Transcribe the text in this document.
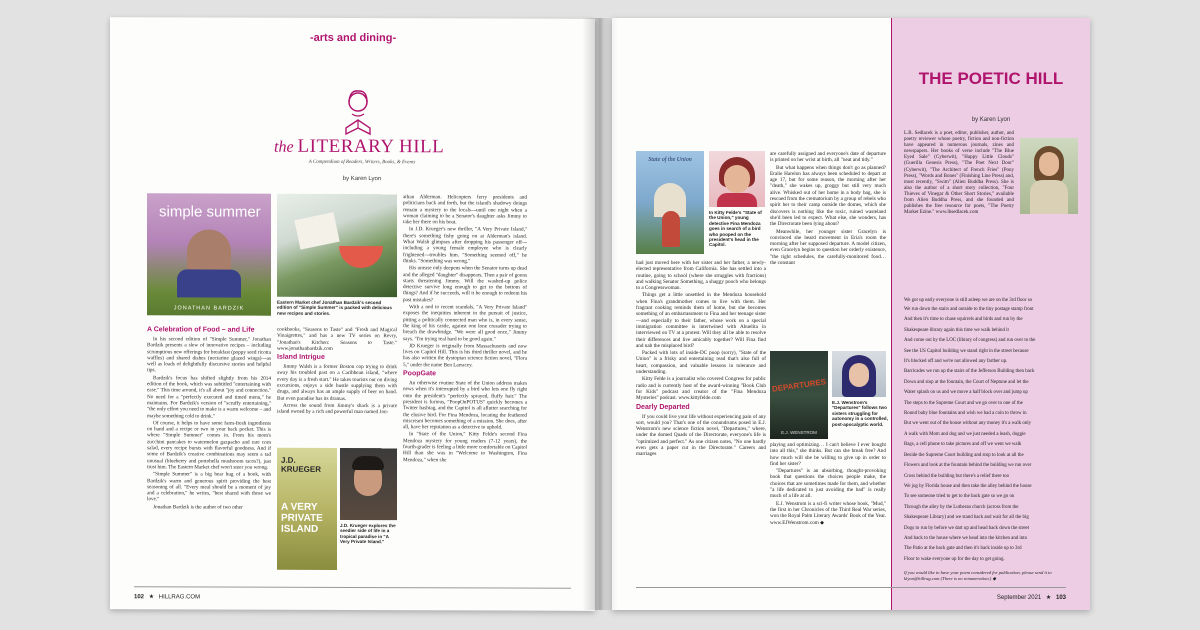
-arts and dining-
the LITERARY HILL
A Compendium of Readers, Writers, Books, & Events
by Karen Lyon
simple summer
JONATHAN BARDZIK
Eastern Market chef Jonathan Bardzik's second edition of "Simple Summer" is packed with delicious new recipes and stories.
A Celebration of Food – and Life
In his second edition of "Simple Summer," Jonathan Bardzik presents a slew of innovative recipes – including scrumptious new offerings for breakfast (poppy seed ricotta waffles) and shared dishes (nectarine glazed wings)—as well as loads of delightfully discursive stories and helpful tips.
Bardzik's focus has shifted slightly from his 2014 edition of the book, which was subtitled "entertaining with ease." This time around, it's all about "joy and connection." No need for a "perfectly executed and timed menu," he maintains. For Bardzik's version of "scruffy entertaining," "the only effort you need to make is a warm welcome – and maybe something cold to drink."
Of course, it helps to have some farm-fresh ingredients on hand and a recipe or two in your back pocket. This is where "Simple Summer" comes in. From his mom's zucchini pancakes to watermelon gazpacho and rare corn salad, every recipe bursts with flavorful goodness. And if some of Bardzik's creative combinations may seem a tad unusual (blueberry and portobella mushroom tacos?), just trust him. The Eastern Market chef won't steer you wrong.
"Simple Summer" is a big bear hug of a book, with Bardzik's warm and generous spirit providing the best seasoning of all. "Every meal should be a moment of joy and a celebration," he writes, "best shared with those we love."
Jonathan Bardzik is the author of two other
cookbooks, "Seasons to Taste" and "Fresh and Magical Vinaigrettes," and has a new TV series on Revry, "Jonathan's Kitchen: Seasons to Taste." www.jonathanbardzik.com
Island Intrigue
Jimmy Walsh is a former Boston cop trying to drink away his troubled past on a Caribbean island, "where every day is a fresh start." He takes tourists out on diving excursions, enjoys a side hustle supplying them with drugs, and always has an ample supply of beer on hand. But even paradise has its dramas.
Across the sound from Jimmy's shack is a private island owned by a rich and powerful man named Jon-
J.D. KRUEGER
A VERY PRIVATE ISLAND	J.D. Krueger explores the seedier side of life in a tropical paradise in "A Very Private Island."
athan Alderman. Helicopters ferry presidents and politicians back and forth, but the island's shadowy doings remain a mystery to the locals—until one night when a woman claiming to be a Senator's daughter asks Jimmy to take her there on his boat.
In J.D. Krueger's new thriller, "A Very Private Island," there's something fishy going on at Alderman's island. What Walsh glimpses after dropping his passenger off—including a young female employee who is clearly frightened—troubles him. "Something seemed off," he thinks. "Something was wrong."
His unease only deepens when the Senator turns up dead and the alleged "daughter" disappears. Then a pair of goons starts threatening Jimmy. Will the washed-up police detective survive long enough to get to the bottom of things? And if he succeeds, will it be enough to redeem his past mistakes?
With a nod to recent scandals, "A Very Private Island" exposes the inequities inherent in the pursuit of justice, pitting a politically connected man who is, in every sense, the king of his castle, against one lone crusader trying to breach the drawbridge. "We were all good once," Jimmy says. "I'm trying real hard to be good again."
JD Krueger is originally from Massachusetts and now lives on Capitol Hill. This is his third thriller novel, and he has also written the dystopian science fiction novel, "Flora 5," under the name Ben Larracey.
PoopGate
An otherwise routine State of the Union address makes news when it's interrupted by a bird who lets one fly right onto the president's "perfectly sprayed, fluffy hair." The president is furious, "PoopOnPOTUS" quickly becomes a Twitter hashtag, and the Capitol is all aflutter searching for the elusive bird. For Fina Mendoza, locating the feathered miscreant becomes something of a mission. She does, after all, have her reputation as a detective to uphold.
In "State of the Union," Kitty Felde's second Fina Mendoza mystery for young readers (7-12 years), the fourth-grader is feeling a little more comfortable on Capitol Hill than she was in "Welcome to Washington, Fina Mendoza," when she
102 ★ HILLRAG.COM
State of the Union
In Kitty Felde's "State of the Union," young detective Fina Mendoza goes in search of a bird who pooped on the president's head in the Capitol.
had just moved here with her sister and her father, a newly-elected representative from California. She has settled into a routine, going to school (where she struggles with fractions) and walking Senator Something, a shaggy pooch who belongs to a Congresswoman.
Things get a little unsettled in the Mendoza household when Fina's grandmother comes to live with them. Her fragrant cooking reminds them of home, but she becomes something of an embarrassment to Fina and her teenage sister—and especially to their father, whose work on a special immigration committee is intertwined with Abuelita in interviewed on TV at a protest. Will they all be able to resolve their differences and live amicably together? Will Fina find and nab the misplaced bird?
Packed with lots of inside-DC poop (sorry), "State of the Union" is a frisky and entertaining read that's also full of heart, compassion, and valuable lessons in tolerance and understanding.
Kitty Felde is a journalist who covered Congress for public radio and is currently host of the award-winning "Book Club for Kids" podcast and creator of the "Fina Mendoza Mysteries" podcast. www.kittyfelde.com
Dearly Departed
If you could live your life without experiencing pain of any sort, would you? That's one of the conundrums posed in E.J. Wenstrom's new science fiction novel, "Departures," where, under the domed Quads of the Directorate, everyone's life is "optimized and perfect." As one citizen notes, "No one hardly even gets a paper cut in the Directorate." Careers and marriages
are carefully assigned and everyone's date of departure is printed on her wrist at birth, all "neat and tidy."
But what happens when things don't go as planned? Eralie Harelon has always been scheduled to depart at age 17, but for some reason, the morning after her "death," she wakes up, groggy but still very much alive. Whisked out of her home in a body bag, she is rescued from the crematorium by a group of rebels who spirit her to their camp outside the domes, which she discovers is nothing like the toxic, ruined wasteland she'd been led to expect. What else, she wonders, has the Directorate been lying about?
Meanwhile, her younger sister Gracelyn is convinced she heard movement in Eria's room the morning after her supposed departure. A model citizen, even Gracelyn begins to question her orderly existence, "the tight schedules, the carefully-monitored food… the constant
DEPARTURES
E.J. WENSTROM
E.J. Wenstrom's "Departures" follows two sisters struggling for autonomy in a controlled, post-apocalyptic world.
playing and optimizing… I can't believe I ever bought into all this," she thinks. But can she break free? And how much will she be willing to give up in order to find her sister?
"Departures" is an absorbing, thought-provoking book that questions the choices people make, the choices that are sometimes made for them, and whether "a life dedicated to just avoiding the bad" is really much of a life at all.
E.J. Wenstrom is a sci-fi writer whose book, "Mud," the first in her Chronicles of the Third Real War series, won the Royal Palm Literary Awards' Book of the Year. www.EJWenstrom.com ◆
THE POETIC HILL
by Karen Lyon
L.B. Sedlacek is a poet, editor, publisher, author, and poetry reviewer whose poetry, fiction and non-fiction have appeared in numerous journals, zines and newspapers. Her books of verse include "The Blue Eyed Sale" (Cyberwit), "Happy Little Clouds" (Guerilla Genesis Press), "The Poet Next Door" (Cyberwit), "The Architect of French Fries" (Pony Press), "Words and Bones" (Finishing Line Press) and, most recently, "Swim" (Alien Buddha Press). She is also the author of a short story collection, "Four Thieves of Vinegar & Other Short Stories," available from Alien Buddha Press, and she founded and publishes the free resource for poets, "The Poetry Market Ezine." www.lbsedlacek.com
We got up early everyone is still asleep we are on the 3rd floor so
We run down the stairs and outside to the tiny postage stamp front
And then it's time to chase squirrels and birds and run by the
Shakespeare library again this time we walk behind it
And come out by the LOC (library of congress) and run over to the
See the US Capitol building we stand right in the street because
It's blocked off and we're not allowed any farther up.
Barricades we run up the stairs of the Jefferson Building then back
Down and stop at the fountain, the Court of Neptune and let the
Water splash on us and we move a half block over and jump up
The steps to the Supreme Court and we go over to one of the
Round baby blue fountains and wish we had a coin to throw in
But we went out of the house without any money it's a walk only
A walk with Mom and dog and we just needed a leash, doggie
Bags, a cell phone to take pictures and off we went we walk
Beside the Supreme Court building and stop to look at all the
Flowers and look at the fountain behind the building we run over
Cross behind the building but there's a relief there too
We jog by Florida house and then take the alley behind the house
To see someone tried to get to the back gate so we go on
Through the alley by the Lutheran church (across from the
Shakespeare Library) and we stand back and wait for all the big
Dogs to run by before we dart up and head back down the street
And back to the house where we head into the kitchen and into
The Patio at the back gate and then it's back inside up to 3rd
Floor to wake everyone up for the day to get going.
If you would like to have your poem considered for publication, please send it to klyon@hillrag.com (There is no remuneration.) ◆
September 2021 ★ 103
